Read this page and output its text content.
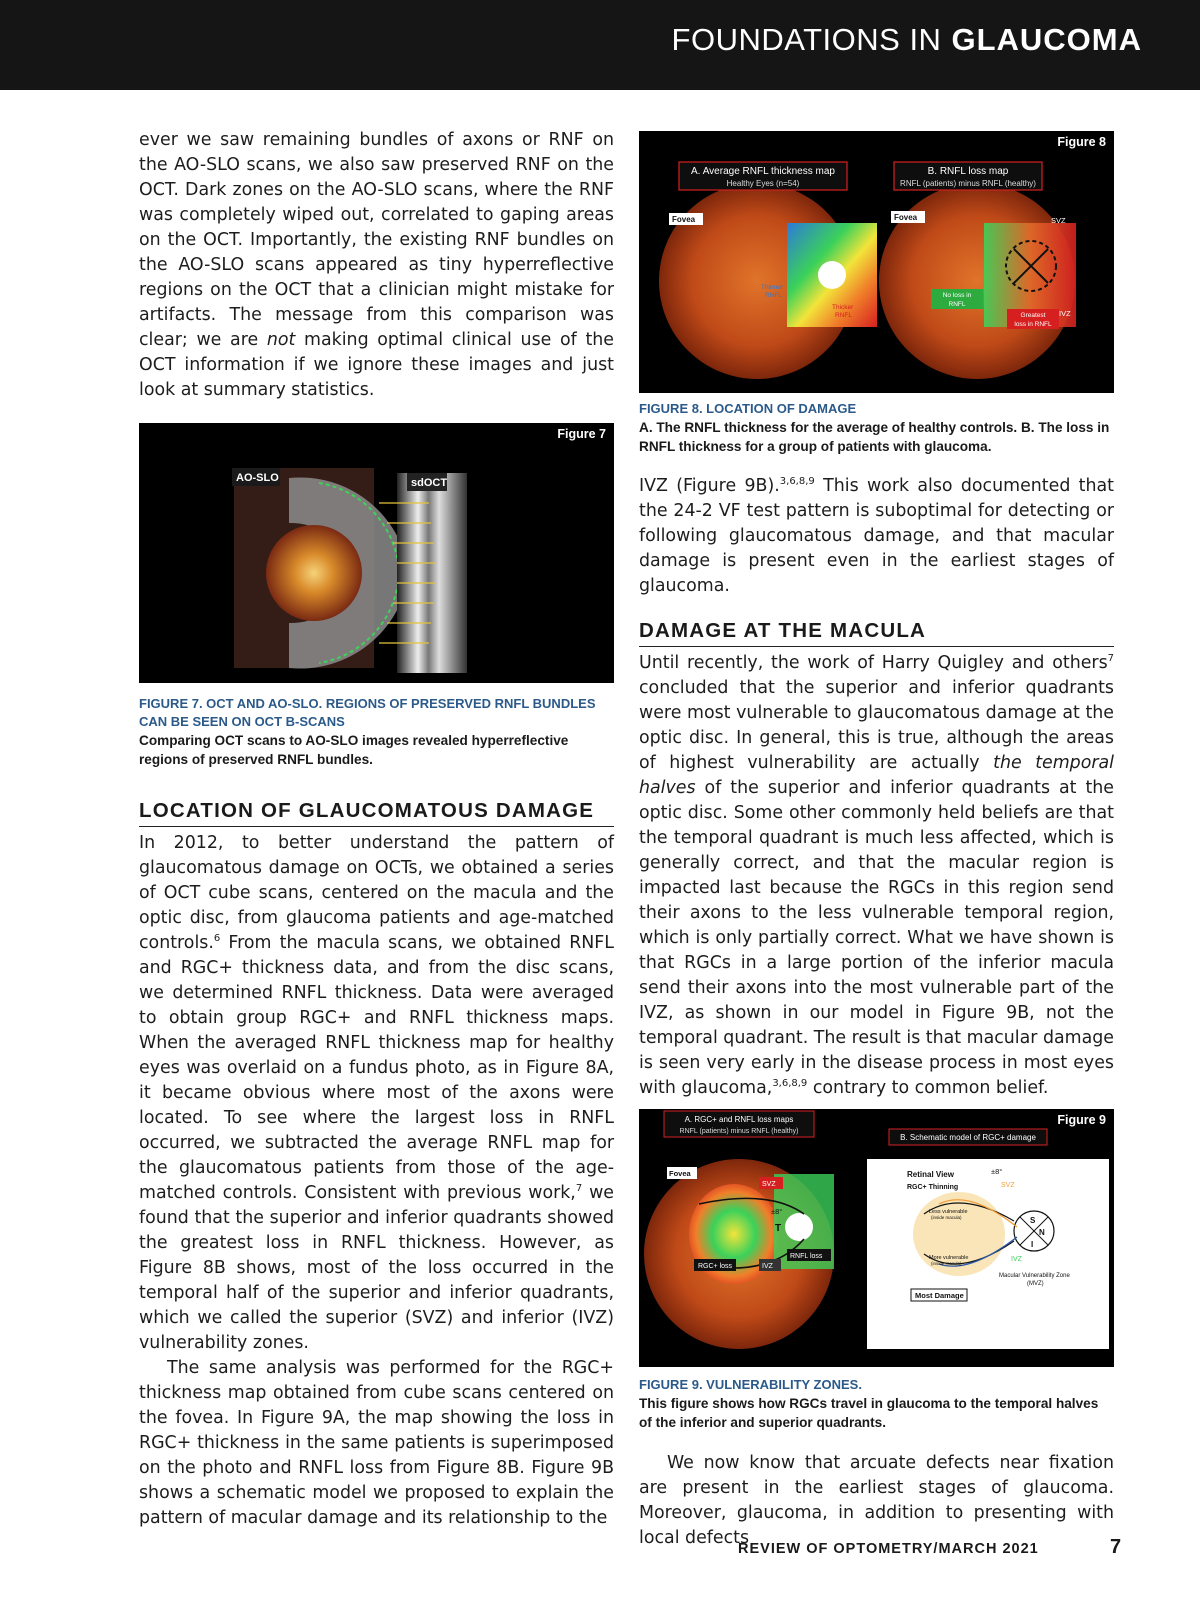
FOUNDATIONS IN GLAUCOMA

ever we saw remaining bundles of axons or RNF on the AO-SLO scans, we also saw preserved RNF on the OCT. Dark zones on the AO-SLO scans, where the RNF was completely wiped out, correlated to gaping areas on the OCT. Importantly, the existing RNF bundles on the AO-SLO scans appeared as tiny hyperreflective regions on the OCT that a clinician might mistake for artifacts. The message from this comparison was clear; we are not making optimal clinical use of the OCT information if we ignore these images and just look at summary statistics.

Figure 7
AO-SLO	sdOCT

FIGURE 7. OCT AND AO-SLO. REGIONS OF PRESERVED RNFL BUNDLES CAN BE SEEN ON OCT B-SCANS

Comparing OCT scans to AO-SLO images revealed hyperreflective regions of preserved RNFL bundles.

LOCATION OF GLAUCOMATOUS DAMAGE

In 2012, to better understand the pattern of glaucomatous damage on OCTs, we obtained a series of OCT cube scans, centered on the macula and the optic disc, from glaucoma patients and age-matched controls.$^6$ From the macula scans, we obtained RNFL and RGC+ thickness data, and from the disc scans, we determined RNFL thickness. Data were averaged to obtain group RGC+ and RNFL thickness maps. When the averaged RNFL thickness map for healthy eyes was overlaid on a fundus photo, as in Figure 8A, it became obvious where most of the axons were located. To see where the largest loss in RNFL occurred, we subtracted the average RNFL map for the glaucomatous patients from those of the age-matched controls. Consistent with previous work,$^7$ we found that the superior and inferior quadrants showed the greatest loss in RNFL thickness. However, as Figure 8B shows, most of the loss occurred in the temporal half of the superior and inferior quadrants, which we called the superior (SVZ) and inferior (IVZ) vulnerability zones.

The same analysis was performed for the RGC+ thickness map obtained from cube scans centered on the fovea. In Figure 9A, the map showing the loss in RGC+ thickness in the same patients is superimposed on the photo and RNFL loss from Figure 8B. Figure 9B shows a schematic model we proposed to explain the pattern of macular damage and its relationship to the

Figure 8
A. Average RNFL thickness map
Healthy Eyes (n=54)
B. RNFL loss map
RNFL (patients) minus RNFL (healthy)
Fovea	Fovea
Thinner
RNFL
Thicker
RNFL
SVZ
IVZ
No loss in
RNFL
Greatest
loss in RNFL

FIGURE 8. LOCATION OF DAMAGE

A. The RNFL thickness for the average of healthy controls. B. The loss in RNFL thickness for a group of patients with glaucoma.

IVZ (Figure 9B).$^{3,6,8,9}$ This work also documented that the 24-2 VF test pattern is suboptimal for detecting or following glaucomatous damage, and that macular damage is present even in the earliest stages of glaucoma.

DAMAGE AT THE MACULA

Until recently, the work of Harry Quigley and others$^7$ concluded that the superior and inferior quadrants were most vulnerable to glaucomatous damage at the optic disc. In general, this is true, although the areas of highest vulnerability are actually the temporal halves of the superior and inferior quadrants at the optic disc. Some other commonly held beliefs are that the temporal quadrant is much less affected, which is generally correct, and that the macular region is impacted last because the RGCs in this region send their axons to the less vulnerable temporal region, which is only partially correct. What we have shown is that RGCs in a large portion of the inferior macula send their axons into the most vulnerable part of the IVZ, as shown in our model in Figure 9B, not the temporal quadrant. The result is that macular damage is seen very early in the disease process in most eyes with glaucoma,$^{3,6,8,9}$ contrary to common belief.

Figure 9
A. RGC+ and RNFL loss maps
RNFL (patients) minus RNFL (healthy)
B. Schematic model of RGC+ damage
Fovea
SVZ
IVZ
±8°
T
RGC+ loss
RNFL loss
Retinal View
RGC+ Thinning
±8°
SVZ
Less vulnerable
(inside macula)
More vulnerable
(inside macula)
S
N
I
IVZ
Macular Vulnerability Zone
(MVZ)
Most Damage

FIGURE 9. VULNERABILITY ZONES.

This figure shows how RGCs travel in glaucoma to the temporal halves of the inferior and superior quadrants.

We now know that arcuate defects near fixation are present in the earliest stages of glaucoma. Moreover, glaucoma, in addition to presenting with local defects

REVIEW OF OPTOMETRY/MARCH 2021	7
